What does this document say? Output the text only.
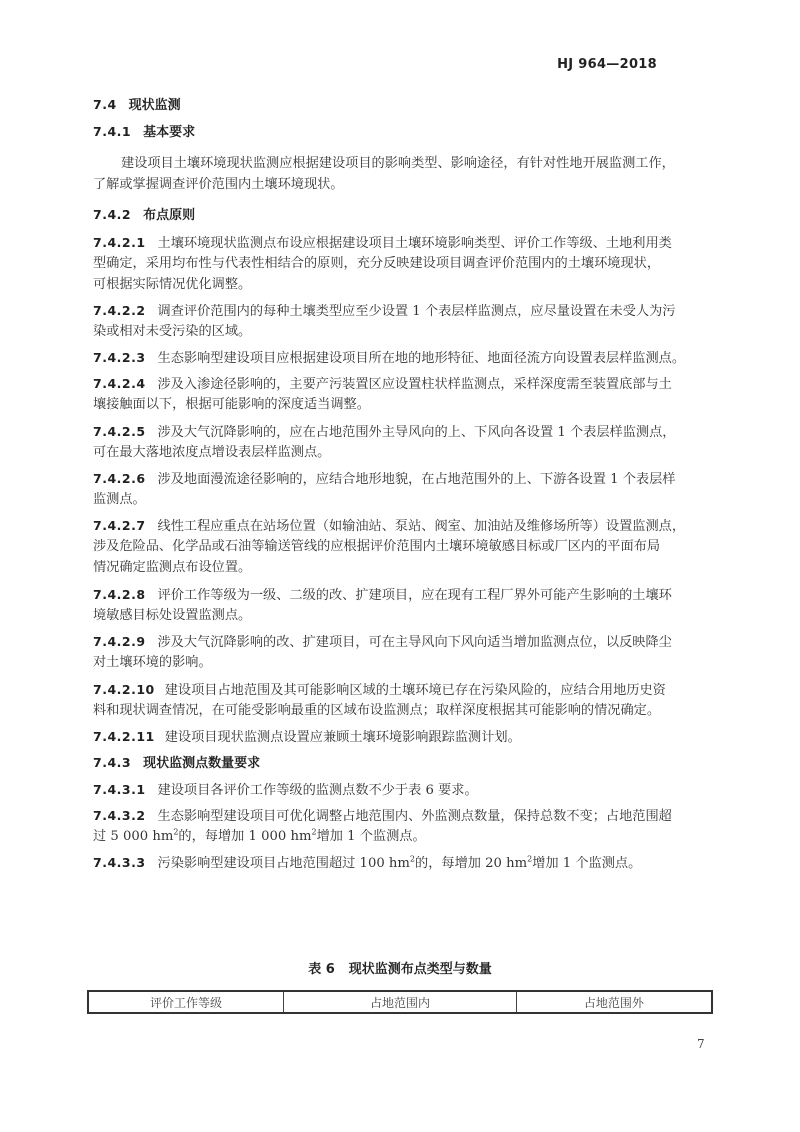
HJ 964—2018
7.4 现状监测
7.4.1 基本要求
建设项目土壤环境现状监测应根据建设项目的影响类型、影响途径，有针对性地开展监测工作，
了解或掌握调查评价范围内土壤环境现状。
7.4.2 布点原则
7.4.2.1 土壤环境现状监测点布设应根据建设项目土壤环境影响类型、评价工作等级、土地利用类
型确定，采用均布性与代表性相结合的原则，充分反映建设项目调查评价范围内的土壤环境现状，
可根据实际情况优化调整。
7.4.2.2 调查评价范围内的每种土壤类型应至少设置 1 个表层样监测点，应尽量设置在未受人为污
染或相对未受污染的区域。
7.4.2.3 生态影响型建设项目应根据建设项目所在地的地形特征、地面径流方向设置表层样监测点。
7.4.2.4 涉及入渗途径影响的，主要产污装置区应设置柱状样监测点，采样深度需至装置底部与土
壤接触面以下，根据可能影响的深度适当调整。
7.4.2.5 涉及大气沉降影响的，应在占地范围外主导风向的上、下风向各设置 1 个表层样监测点，
可在最大落地浓度点增设表层样监测点。
7.4.2.6 涉及地面漫流途径影响的，应结合地形地貌，在占地范围外的上、下游各设置 1 个表层样
监测点。
7.4.2.7 线性工程应重点在站场位置（如输油站、泵站、阀室、加油站及维修场所等）设置监测点，
涉及危险品、化学品或石油等输送管线的应根据评价范围内土壤环境敏感目标或厂区内的平面布局
情况确定监测点布设位置。
7.4.2.8 评价工作等级为一级、二级的改、扩建项目，应在现有工程厂界外可能产生影响的土壤环
境敏感目标处设置监测点。
7.4.2.9 涉及大气沉降影响的改、扩建项目，可在主导风向下风向适当增加监测点位，以反映降尘
对土壤环境的影响。
7.4.2.10 建设项目占地范围及其可能影响区域的土壤环境已存在污染风险的，应结合用地历史资
料和现状调查情况，在可能受影响最重的区域布设监测点；取样深度根据其可能影响的情况确定。
7.4.2.11 建设项目现状监测点设置应兼顾土壤环境影响跟踪监测计划。
7.4.3 现状监测点数量要求
7.4.3.1 建设项目各评价工作等级的监测点数不少于表 6 要求。
7.4.3.2 生态影响型建设项目可优化调整占地范围内、外监测点数量，保持总数不变；占地范围超
过 5 000 $hm^2$的，每增加 1 000 $hm^2$增加 1 个监测点。
7.4.3.3 污染影响型建设项目占地范围超过 100 $hm^2$的，每增加 20 $hm^2$增加 1 个监测点。
表 6 现状监测布点类型与数量
评价工作等级	占地范围内	占地范围外
7
